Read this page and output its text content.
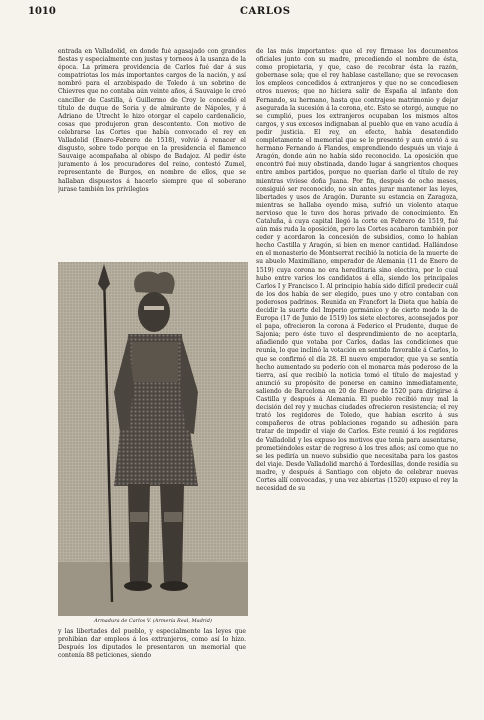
1010	CARLOS

entrada en Valladolid, en donde fué agasajado con grandes fiestas y especialmente con justas y torneos á la usanza de la época. La primera providencia de Carlos fué dar á sus compatriotas los más importantes cargos de la nación, y así nombró para el arzobispado de Toledo á un sobrino de Chievres que no contaba aún veinte años, á Sauvaige le creó canciller de Castilla, á Guillermo de Croy le concedió el título de duque de Soria y de almirante de Nápoles, y á Adriano de Utrecht le hizo otorgar el capelo cardenalicio, cosas que produjeron gran descontento. Con motivo de celebrarse las Cortes que había convocado el rey en Valladolid (Enero-Febrero de 1518), volvió á renacer el disgusto, sobre todo porque en la presidencia el flamenco Sauvaige acompañaba al obispo de Badajoz. Al pedir éste juramento á los procuradores del reino, contestó Zumel, representante de Burgos, en nombre de ellos, que se hallaban dispuestos á hacerlo siempre que el soberano jurase también los privilegios

Armadura de Carlos V. (Armería Real, Madrid)

y las libertades del pueblo, y especialmente las leyes que prohibían dar empleos á los extranjeros, como así lo hizo. Después los diputados le presentaron un memorial que contenía 88 peticiones, siendo

de las más importantes: que el rey firmase los documentos oficiales junto con su madre, precediendo el nombre de ésta, como propietaria, y que, caso de recobrar ésta la razón, gobernase sola; que el rey hablase castellano; que se revocasen los empleos concedidos á extranjeros y que no se concediesen otros nuevos; que no hiciera salir de España al infante don Fernando, su hermano, hasta que contrajese matrimonio y dejar asegurada la sucesión á la corona, etc. Esto se otorgó, aunque no se cumplió, pues los extranjeros ocupaban los mismos altos cargos, y sus excesos indignaban al pueblo que en vano acudía á pedir justicia. El rey, en efecto, había desatendido completamente el memorial que se le presentó y aun envió á su hermano Fernando á Flandes, emprendiendo después un viaje á Aragón, donde aún no había sido reconocido. La oposición que encontró fué muy obstinada, dando lugar á sangrientos choques entre ambos partidos, porque no querían darle el título de rey mientras viviese doña Juana. Por fin, después de ocho meses, consiguió ser reconocido, no sin antes jurar mantener las leyes, libertades y usos de Aragón. Durante su estancia en Zaragoza, mientras se hallaba oyendo misa, sufrió un violento ataque nervioso que le tuvo dos horas privado de conocimiento. En Cataluña, á cuya capital llegó la corte en Febrero de 1519, fué aún más ruda la oposición, pero las Cortes acabaron también por ceder y acordaron la concesión de subsidios, como lo habían hecho Castilla y Aragón, si bien en menor cantidad. Hallándose en el monasterio de Montserrat recibió la noticia de la muerte de su abuelo Maximiliano, emperador de Alemania (11 de Enero de 1519) cuya corona no era hereditaria sino electiva, por lo cual hubo entre varios los candidatos á ella, siendo los principales Carlos I y Francisco I. Al principio había sido difícil predecir cuál de los dos había de ser elegido, pues uno y otro contaban con poderosos padrinos. Reunida en Francfort la Dieta que había de decidir la suerte del Imperio germánico y de cierto modo la de Europa (17 de Junio de 1519) los siete electores, aconsejados por el papa, ofrecieron la corona á Federico el Prudente, duque de Sajonia; pero éste tuvo el desprendimiento de no aceptarla, añadiendo que votaba por Carlos, dadas las condiciones que reunía, lo que inclinó la votación en sentido favorable á Carlos, lo que se confirmó el día 28. El nuevo emperador, que ya se sentía hecho aumentado su poderío con el monarca más poderoso de la tierra, así que recibió la noticia tomó el título de majestad y anunció su propósito de ponerse en camino inmediatamente, saliendo de Barcelona en 20 de Enero de 1520 para dirigirse á Castilla y después á Alemania. El pueblo recibió muy mal la decisión del rey y muchas ciudades ofrecieron resistencia; el rey trató los regidores de Toledo, que habían escrito á sus compañeros de otras poblaciones rogando su adhesión para tratar de impedir el viaje de Carlos. Este reunió á los regidores de Valladolid y les expuso los motivos que tenía para ausentarse, prometiéndoles estar de regreso á los tres años; así como que no se les pediría un nuevo subsidio que necesitaba para los gastos del viaje. Desde Valladolid marchó á Tordesillas, donde residía su madre, y después á Santiago con objeto de celebrar nuevas Cortes allí convocadas, y una vez abiertas (1520) expuso el rey la necesidad de su
